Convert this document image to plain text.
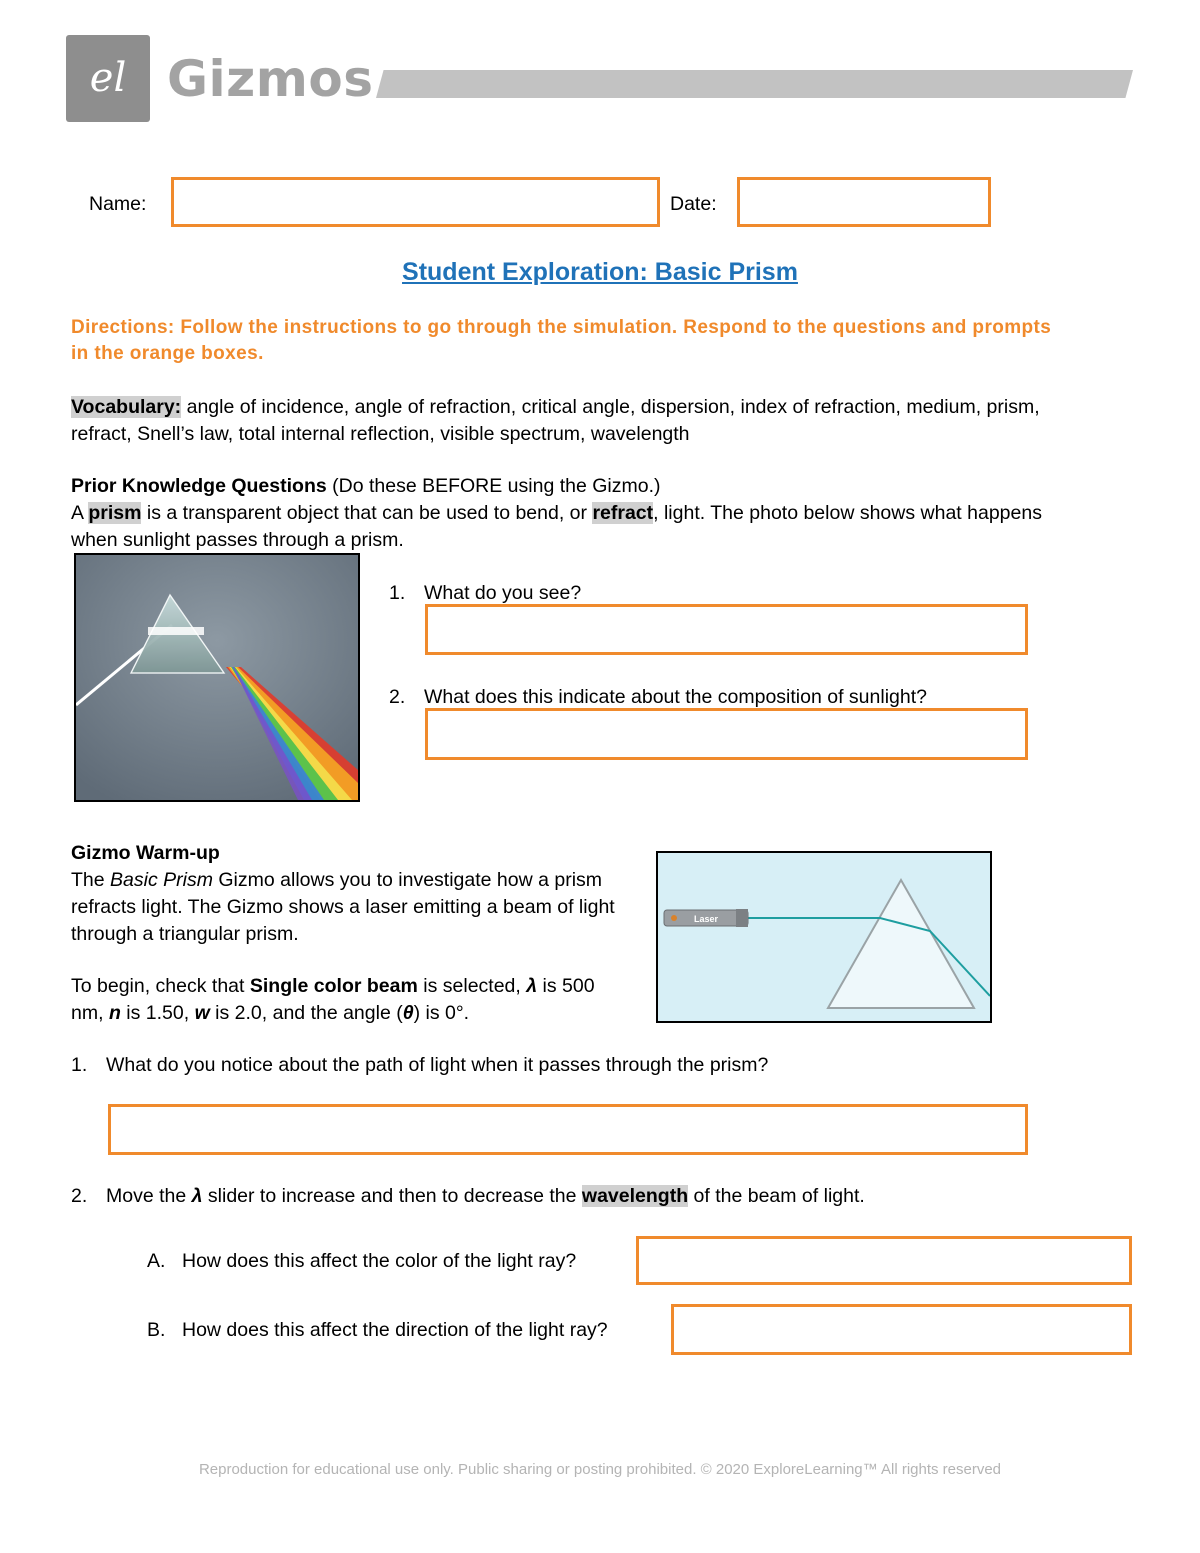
el Gizmos
Name:	Date:
Student Exploration: Basic Prism
Directions: Follow the instructions to go through the simulation. Respond to the questions and prompts in the orange boxes.
Vocabulary: angle of incidence, angle of refraction, critical angle, dispersion, index of refraction, medium, prism, refract, Snell’s law, total internal reflection, visible spectrum, wavelength
Prior Knowledge Questions (Do these BEFORE using the Gizmo.)
A prism is a transparent object that can be used to bend, or refract, light. The photo below shows what happens when sunlight passes through a prism.
1. What do you see?
2. What does this indicate about the composition of sunlight?
Gizmo Warm-up
The Basic Prism Gizmo allows you to investigate how a prism refracts light. The Gizmo shows a laser emitting a beam of light through a triangular prism.
To begin, check that Single color beam is selected, λ is 500 nm, n is 1.50, w is 2.0, and the angle (θ) is 0°.
Laser
1. What do you notice about the path of light when it passes through the prism?
2. Move the λ slider to increase and then to decrease the wavelength of the beam of light.
A. How does this affect the color of the light ray?
B. How does this affect the direction of the light ray?
Reproduction for educational use only. Public sharing or posting prohibited. © 2020 ExploreLearning™ All rights reserved
